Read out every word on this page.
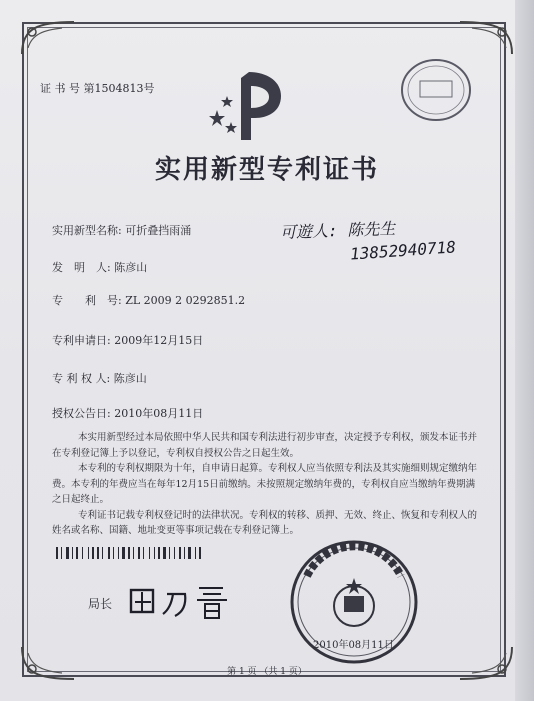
证 书 号 第1504813号
实用新型专利证书
实用新型名称: 可折叠挡雨涌
发　明　人: 陈彦山
专　　利　号: ZL 2009 2 0292851.2
专利申请日: 2009年12月15日
专 利 权 人: 陈彦山
授权公告日: 2010年08月11日
可遊人: 陈先生
13852940718

本实用新型经过本局依照中华人民共和国专利法进行初步审查，决定授予专利权，颁发本证书并在专利登记簿上予以登记，专利权自授权公告之日起生效。

本专利的专利权期限为十年，自申请日起算。专利权人应当依照专利法及其实施细则规定缴纳年费。本专利的年费应当在每年12月15日前缴纳。未按照规定缴纳年费的，专利权自应当缴纳年费期满之日起终止。

专利证书记载专利权登记时的法律状况。专利权的转移、质押、无效、终止、恢复和专利权人的姓名或名称、国籍、地址变更等事项记载在专利登记簿上。

局长
2010年08月11日
第 1 页 （共 1 页）
